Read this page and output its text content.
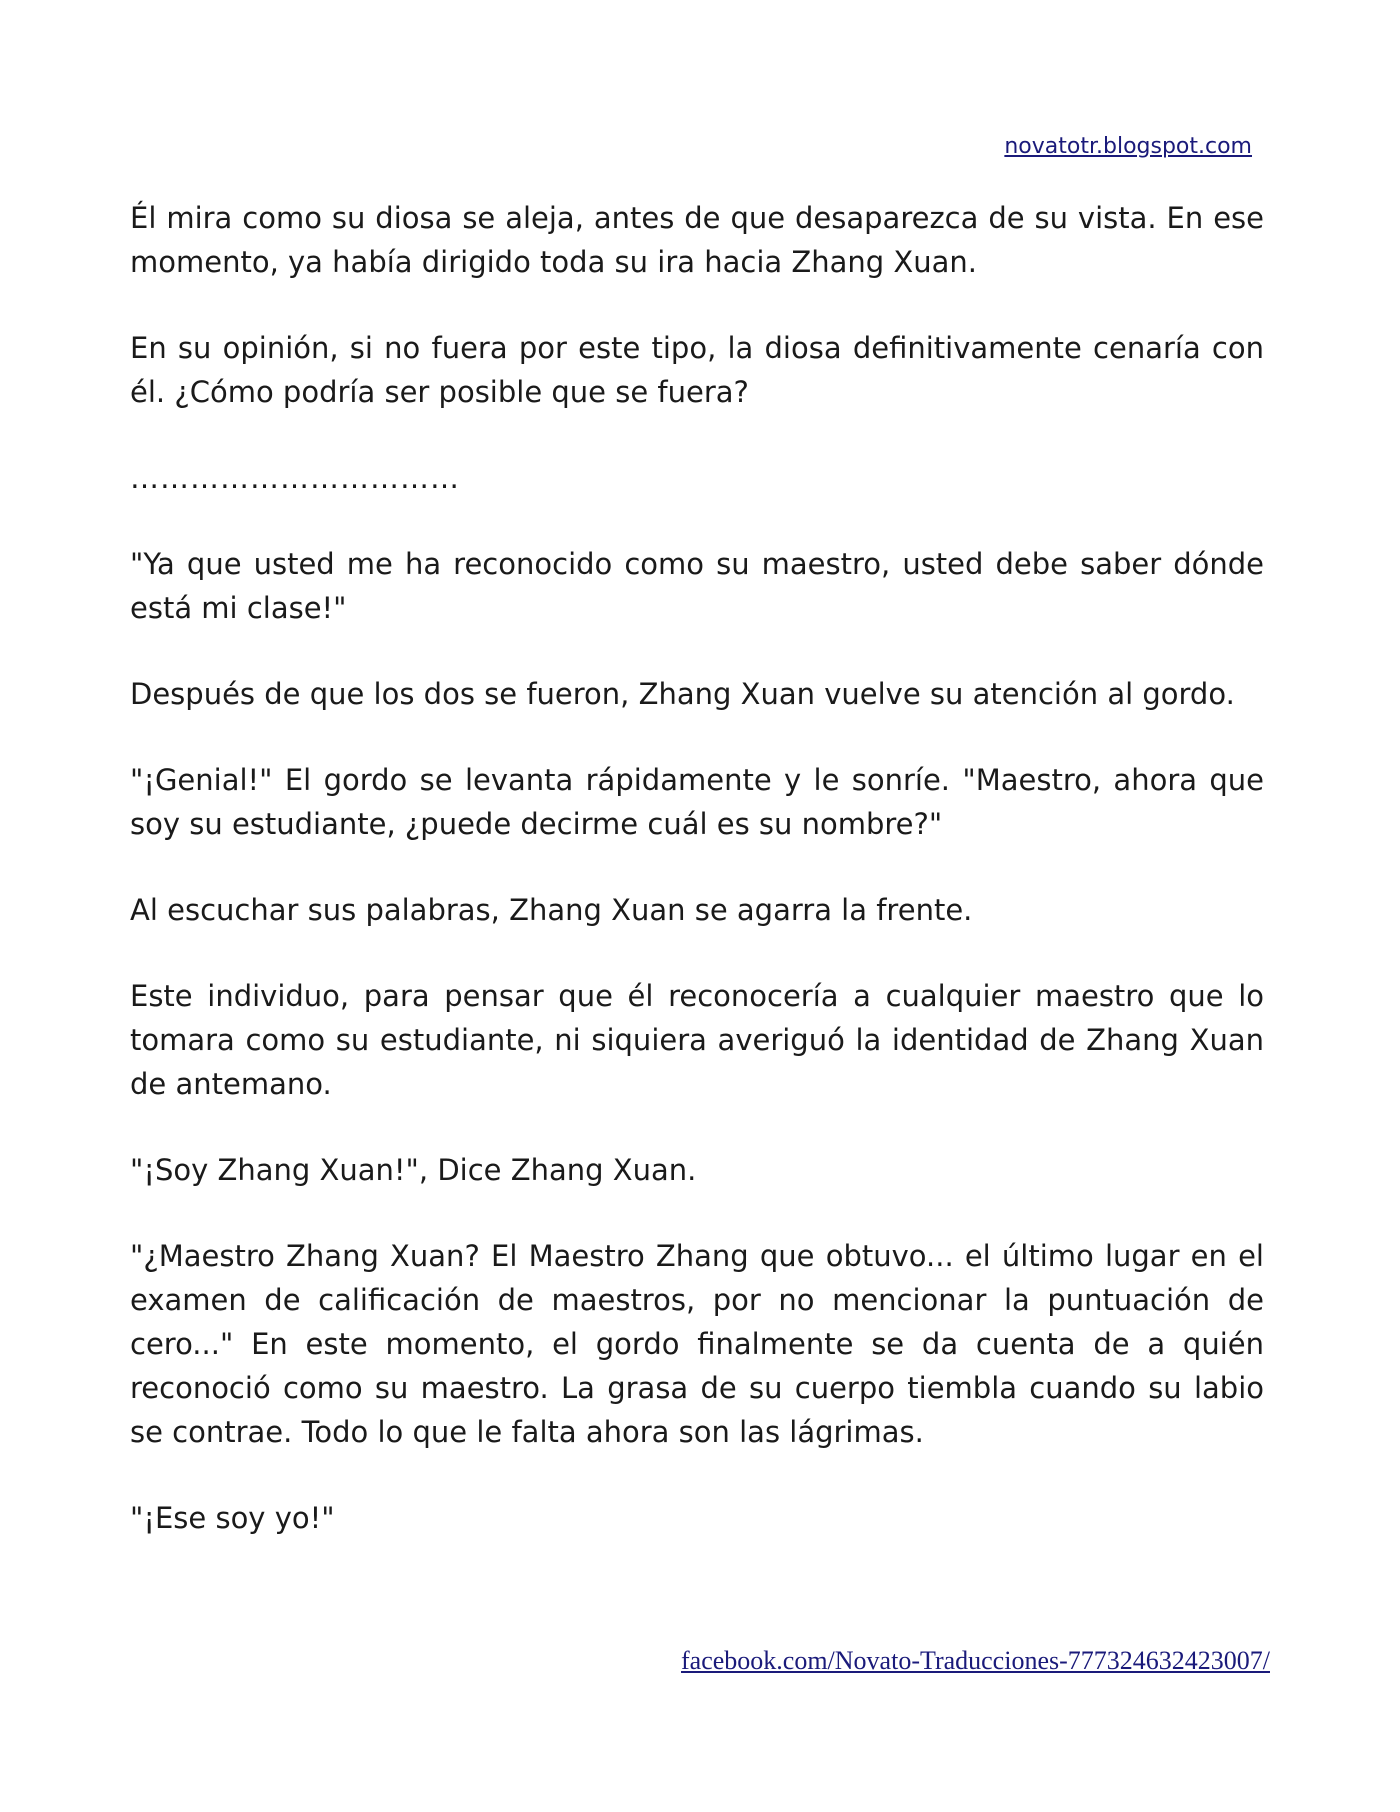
novatotr.blogspot.com

Él mira como su diosa se aleja, antes de que desaparezca de su vista. En ese momento, ya había dirigido toda su ira hacia Zhang Xuan.

En su opinión, si no fuera por este tipo, la diosa definitivamente cenaría con él. ¿Cómo podría ser posible que se fuera?

……………………………

"Ya que usted me ha reconocido como su maestro, usted debe saber dónde está mi clase!"

Después de que los dos se fueron, Zhang Xuan vuelve su atención al gordo.

"¡Genial!" El gordo se levanta rápidamente y le sonríe. "Maestro, ahora que soy su estudiante, ¿puede decirme cuál es su nombre?"

Al escuchar sus palabras, Zhang Xuan se agarra la frente.

Este individuo, para pensar que él reconocería a cualquier maestro que lo tomara como su estudiante, ni siquiera averiguó la identidad de Zhang Xuan de antemano.

"¡Soy Zhang Xuan!", Dice Zhang Xuan.

"¿Maestro Zhang Xuan? El Maestro Zhang que obtuvo... el último lugar en el examen de calificación de maestros, por no mencionar la puntuación de cero..." En este momento, el gordo finalmente se da cuenta de a quién reconoció como su maestro. La grasa de su cuerpo tiembla cuando su labio se contrae. Todo lo que le falta ahora son las lágrimas.

"¡Ese soy yo!"

facebook.com/Novato-Traducciones-777324632423007/
